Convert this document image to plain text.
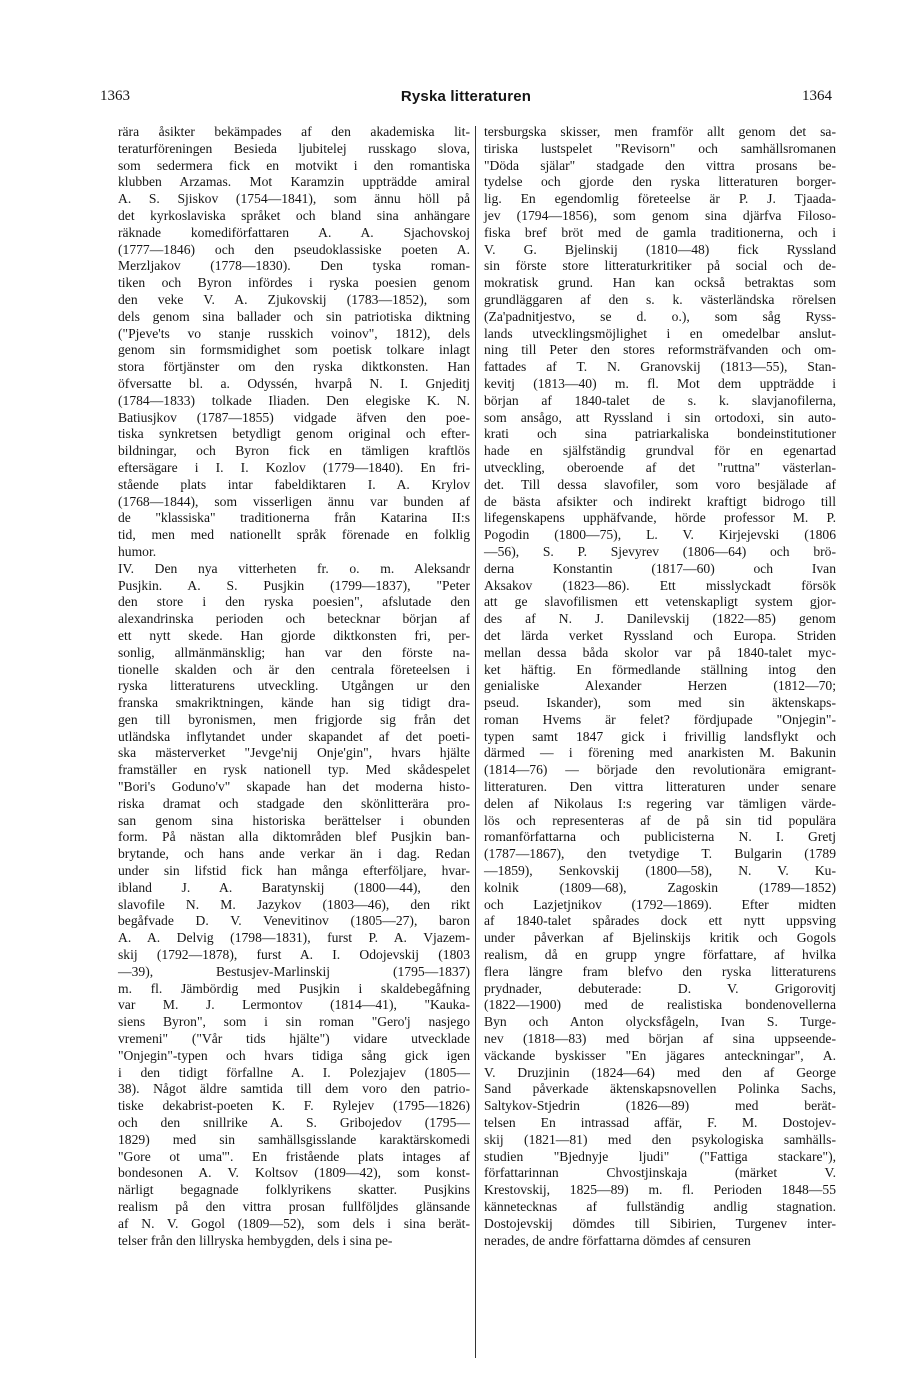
1363	Ryska litteraturen	1364
rära åsikter bekämpades af den akademiska lit-
teraturföreningen Besieda ljubitelej russkago slova,
som sedermera fick en motvikt i den romantiska
klubben Arzamas. Mot Karamzin uppträdde amiral
A. S. Sjiskov (1754—1841), som ännu höll på
det kyrkoslaviska språket och bland sina anhängare
räknade komediförfattaren A. A. Sjachovskoj
(1777—1846) och den pseudoklassiske poeten A.
Merzljakov (1778—1830). Den tyska roman-
tiken och Byron infördes i ryska poesien genom
den veke V. A. Zjukovskij (1783—1852), som
dels genom sina ballader och sin patriotiska diktning
("Pjeve'ts vo stanje russkich voinov", 1812), dels
genom sin formsmidighet som poetisk tolkare inlagt
stora förtjänster om den ryska diktkonsten. Han
öfversatte bl. a. Odyssén, hvarpå N. I. Gnjeditj
(1784—1833) tolkade Iliaden. Den elegiske K. N.
Batiusjkov (1787—1855) vidgade äfven den poe-
tiska synkretsen betydligt genom original och efter-
bildningar, och Byron fick en tämligen kraftlös
eftersägare i I. I. Kozlov (1779—1840). En fri-
stående plats intar fabeldiktaren I. A. Krylov
(1768—1844), som visserligen ännu var bunden af
de "klassiska" traditionerna från Katarina II:s
tid, men med nationellt språk förenade en folklig
humor.
IV. Den nya vitterheten fr. o. m. Aleksandr
Pusjkin. A. S. Pusjkin (1799—1837), "Peter
den store i den ryska poesien", afslutade den
alexandrinska perioden och betecknar början af
ett nytt skede. Han gjorde diktkonsten fri, per-
sonlig, allmänmänsklig; han var den förste na-
tionelle skalden och är den centrala företeelsen i
ryska litteraturens utveckling. Utgången ur den
franska smakriktningen, kände han sig tidigt dra-
gen till byronismen, men frigjorde sig från det
utländska inflytandet under skapandet af det poeti-
ska mästerverket "Jevge'nij Onje'gin", hvars hjälte
framställer en rysk nationell typ. Med skådespelet
"Bori's Goduno'v" skapade han det moderna histo-
riska dramat och stadgade den skönlitterära pro-
san genom sina historiska berättelser i obunden
form. På nästan alla diktområden blef Pusjkin ban-
brytande, och hans ande verkar än i dag. Redan
under sin lifstid fick han många efterföljare, hvar-
ibland J. A. Baratynskij (1800—44), den
slavofile N. M. Jazykov (1803—46), den rikt
begåfvade D. V. Venevitinov (1805—27), baron
A. A. Delvig (1798—1831), furst P. A. Vjazem-
skij (1792—1878), furst A. I. Odojevskij (1803
—39), Bestusjev-Marlinskij (1795—1837)
m. fl. Jämbördig med Pusjkin i skaldebegåfning
var M. J. Lermontov (1814—41), "Kauka-
siens Byron", som i sin roman "Gero'j nasjego
vremeni" ("Vår tids hjälte") vidare utvecklade
"Onjegin"-typen och hvars tidiga sång gick igen
i den tidigt förfallne A. I. Polezjajev (1805—
38). Något äldre samtida till dem voro den patrio-
tiske dekabrist-poeten K. F. Rylejev (1795—1826)
och den snillrike A. S. Gribojedov (1795—
1829) med sin samhällsgisslande karaktärskomedi
"Gore ot uma'". En fristående plats intages af
bondesonen A. V. Koltsov (1809—42), som konst-
närligt begagnade folklyrikens skatter. Pusjkins
realism på den vittra prosan fullföljdes glänsande
af N. V. Gogol (1809—52), som dels i sina berät-
telser från den lillryska hembygden, dels i sina pe-
tersburgska skisser, men framför allt genom det sa-
tiriska lustspelet "Revisorn" och samhällsromanen
"Döda själar" stadgade den vittra prosans be-
tydelse och gjorde den ryska litteraturen borger-
lig. En egendomlig företeelse är P. J. Tjaada-
jev (1794—1856), som genom sina djärfva Filoso-
fiska bref bröt med de gamla traditionerna, och i
V. G. Bjelinskij (1810—48) fick Ryssland
sin förste store litteraturkritiker på social och de-
mokratisk grund. Han kan också betraktas som
grundläggaren af den s. k. västerländska rörelsen
(Za'padnitjestvo, se d. o.), som såg Ryss-
lands utvecklingsmöjlighet i en omedelbar anslut-
ning till Peter den stores reformsträfvanden och om-
fattades af T. N. Granovskij (1813—55), Stan-
kevitj (1813—40) m. fl. Mot dem uppträdde i
början af 1840-talet de s. k. slavjanofilerna,
som ansågo, att Ryssland i sin ortodoxi, sin auto-
krati och sina patriarkaliska bondeinstitutioner
hade en själfständig grundval för en egenartad
utveckling, oberoende af det "ruttna" västerlan-
det. Till dessa slavofiler, som voro besjälade af
de bästa afsikter och indirekt kraftigt bidrogo till
lifegenskapens upphäfvande, hörde professor M. P.
Pogodin (1800—75), L. V. Kirjejevski (1806
—56), S. P. Sjevyrev (1806—64) och brö-
derna Konstantin (1817—60) och Ivan
Aksakov (1823—86). Ett misslyckadt försök
att ge slavofilismen ett vetenskapligt system gjor-
des af N. J. Danilevskij (1822—85) genom
det lärda verket Ryssland och Europa. Striden
mellan dessa båda skolor var på 1840-talet myc-
ket häftig. En förmedlande ställning intog den
genialiske Alexander Herzen (1812—70;
pseud. Iskander), som med sin äktenskaps-
roman Hvems är felet? fördjupade "Onjegin"-
typen samt 1847 gick i frivillig landsflykt och
därmed — i förening med anarkisten M. Bakunin
(1814—76) — började den revolutionära emigrant-
litteraturen. Den vittra litteraturen under senare
delen af Nikolaus I:s regering var tämligen värde-
lös och representeras af de på sin tid populära
romanförfattarna och publicisterna N. I. Gretj
(1787—1867), den tvetydige T. Bulgarin (1789
—1859), Senkovskij (1800—58), N. V. Ku-
kolnik (1809—68), Zagoskin (1789—1852)
och Lazjetjnikov (1792—1869). Efter midten
af 1840-talet spårades dock ett nytt uppsving
under påverkan af Bjelinskijs kritik och Gogols
realism, då en grupp yngre författare, af hvilka
flera längre fram blefvo den ryska litteraturens
prydnader, debuterade: D. V. Grigorovitj
(1822—1900) med de realistiska bondenovellerna
Byn och Anton olycksfågeln, Ivan S. Turge-
nev (1818—83) med början af sina uppseende-
väckande byskisser "En jägares anteckningar", A.
V. Druzjinin (1824—64) med den af George
Sand påverkade äktenskapsnovellen Polinka Sachs,
Saltykov-Stjedrin (1826—89) med berät-
telsen En intrassad affär, F. M. Dostojev-
skij (1821—81) med den psykologiska samhälls-
studien "Bjednyje ljudi" ("Fattiga stackare"),
författarinnan Chvostjinskaja (märket V.
Krestovskij, 1825—89) m. fl. Perioden 1848—55
kännetecknas af fullständig andlig stagnation.
Dostojevskij dömdes till Sibirien, Turgenev inter-
nerades, de andre författarna dömdes af censuren
